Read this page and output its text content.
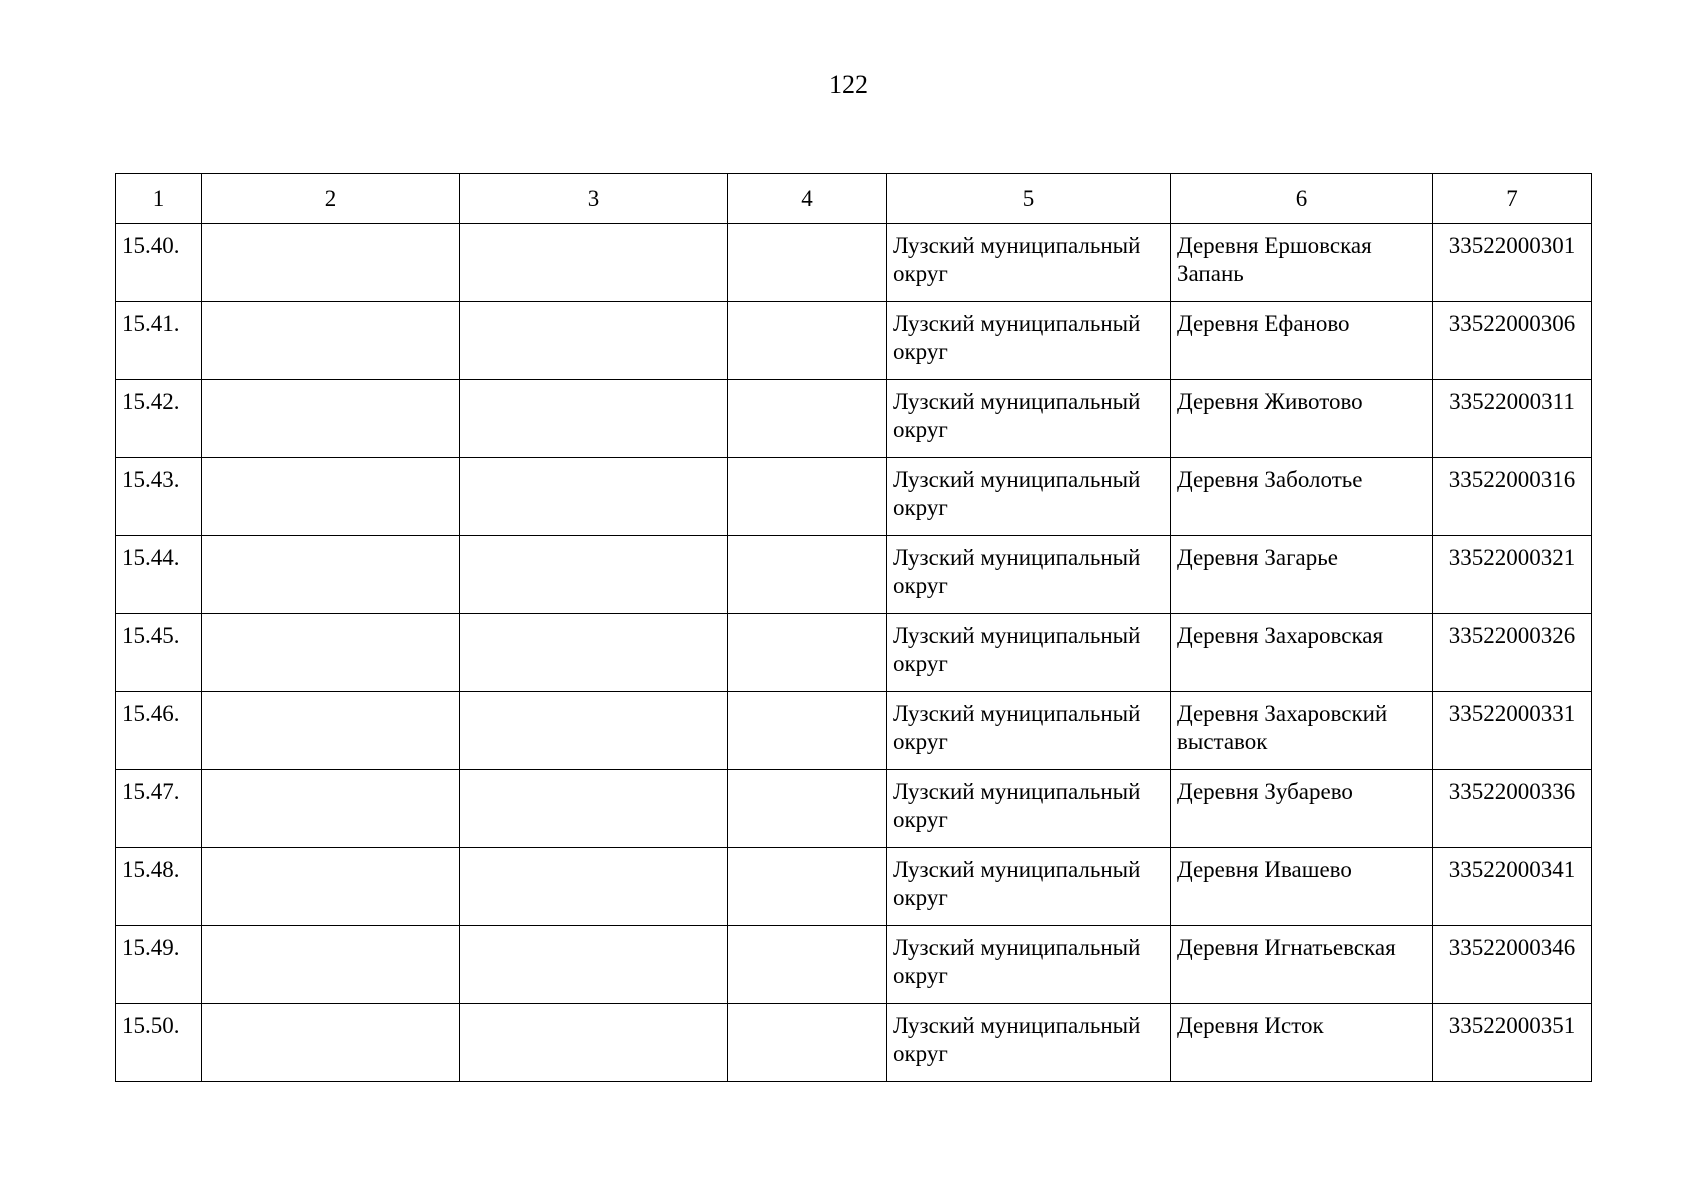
122
1	2	3	4	5	6	7
15.40.				Лузский муниципальный округ	Деревня Ершовская Запань	33522000301
15.41.				Лузский муниципальный округ	Деревня Ефаново	33522000306
15.42.				Лузский муниципальный округ	Деревня Животово	33522000311
15.43.				Лузский муниципальный округ	Деревня Заболотье	33522000316
15.44.				Лузский муниципальный округ	Деревня Загарье	33522000321
15.45.				Лузский муниципальный округ	Деревня Захаровская	33522000326
15.46.				Лузский муниципальный округ	Деревня Захаровский выставок	33522000331
15.47.				Лузский муниципальный округ	Деревня Зубарево	33522000336
15.48.				Лузский муниципальный округ	Деревня Ивашево	33522000341
15.49.				Лузский муниципальный округ	Деревня Игнатьевская	33522000346
15.50.				Лузский муниципальный округ	Деревня Исток	33522000351
